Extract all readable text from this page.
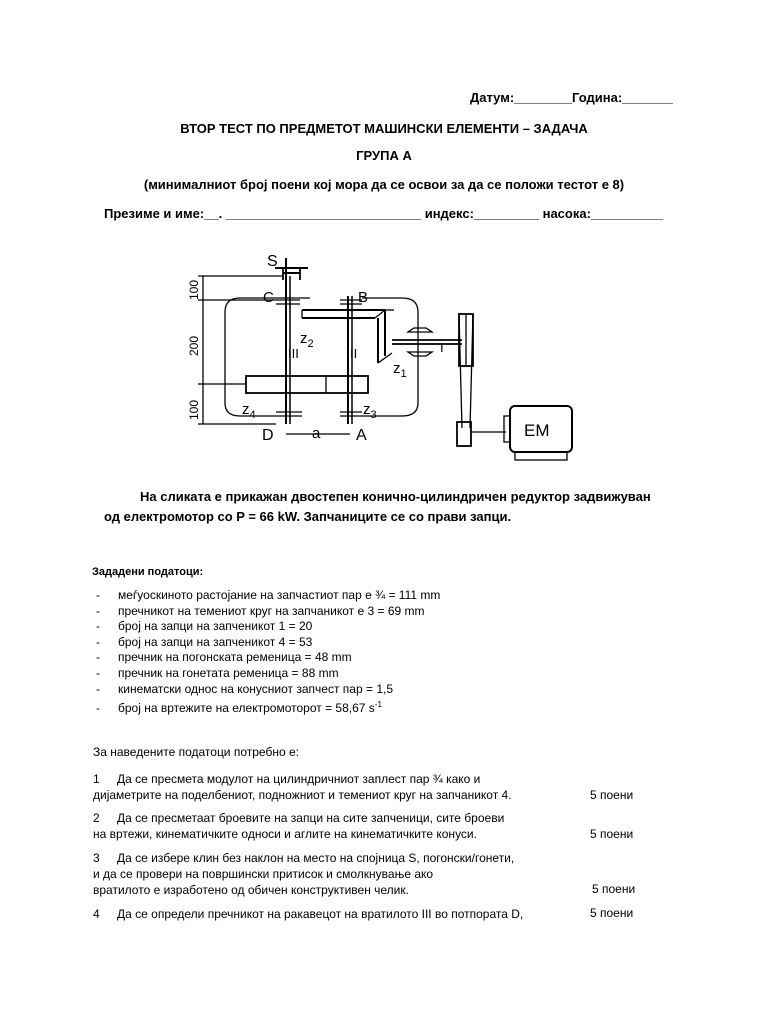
Датум:________Година:_______
ВТОР ТЕСТ ПО ПРЕДМЕТОТ МАШИНСКИ ЕЛЕМЕНТИ – ЗАДАЧА
ГРУПА А
(минималниот број поени кој мора да се освои за да се положи тестот е 8)
Презиме и име:__. ___________________________ индекс:_________ насока:__________
100
200
100
S
C	B
$z_2$
$z_1$
III	II	I
$z_4$	$z_3$
D	a A	EM
На сликата е прикажан двостепен конично-цилиндричен редуктор задвижуван
од електромотор со P = 66 kW. Запчаниците се со прави запци.
Зададени податоци:
- меѓуоскиното растојание на запчастиот пар е ¾ = 111 mm
- пречникот на темениот круг на запчаникот е 3 = 69 mm
- број на запци на запченикот 1 = 20
- број на запци на запченикот 4 = 53
- пречник на погонската ременица = 48 mm
- пречник на гонетата ременица = 88 mm
- кинематски однос на конусниот запчест пар = 1,5
- број на вртежите на електромоторот = 58,67 $s^{-1}$
За наведените податоци потребно е:
1 Да се пресмета модулот на цилиндричниот заплест пар ¾ како и
дијаметрите на поделбениот, подножниот и темениот круг на запчаникот 4.	5 поени
2 Да се пресметаат броевите на запци на сите запченици, сите броеви
на вртежи, кинематичките односи и аглите на кинематичките конуси.	5 поени
3 Да се избере клин без наклон на место на спојница S, погонски/гонети,
и да се провери на површински притисок и смолкнување ако
вратилото е изработено од обичен конструктивен челик.	5 поени
4 Да се определи пречникот на ракавецот на вратилото III во потпората D,	5 поени
